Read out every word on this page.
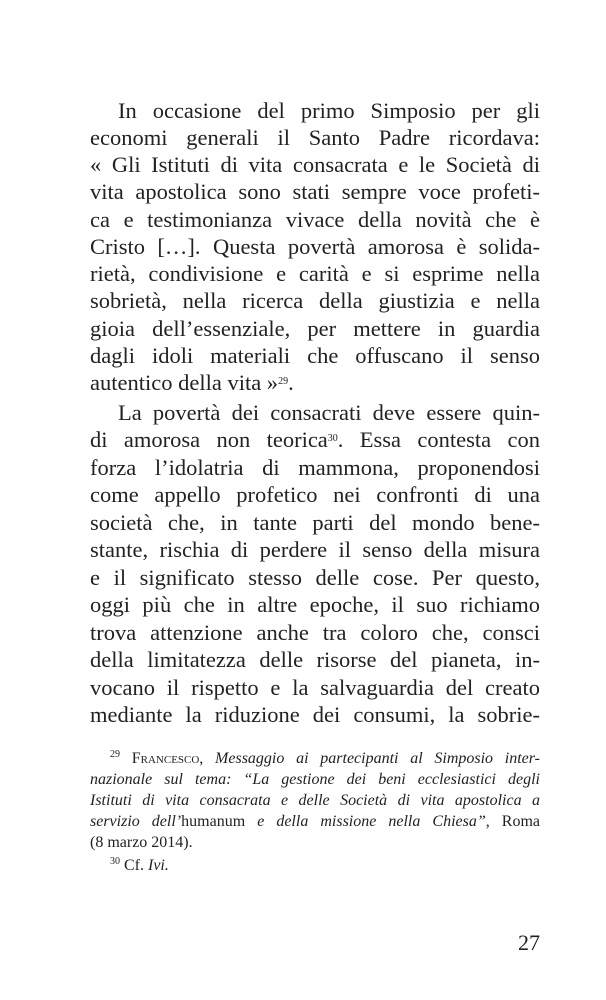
In occasione del primo Simposio per gli
economi generali il Santo Padre ricordava:
« Gli Istituti di vita consacrata e le Società di
vita apostolica sono stati sempre voce profeti-
ca e testimonianza vivace della novità che è
Cristo […]. Questa povertà amorosa è solida-
rietà, condivisione e carità e si esprime nella
sobrietà, nella ricerca della giustizia e nella
gioia dell’essenziale, per mettere in guardia
dagli idoli materiali che offuscano il senso
autentico della vita »$^{29}$.
La povertà dei consacrati deve essere quin-
di amorosa non teorica$^{30}$. Essa contesta con
forza l’idolatria di mammona, proponendosi
come appello profetico nei confronti di una
società che, in tante parti del mondo bene-
stante, rischia di perdere il senso della misura
e il significato stesso delle cose. Per questo,
oggi più che in altre epoche, il suo richiamo
trova attenzione anche tra coloro che, consci
della limitatezza delle risorse del pianeta, in-
vocano il rispetto e la salvaguardia del creato
mediante la riduzione dei consumi, la sobrie-
$^{29}$ Francesco, Messaggio ai partecipanti al Simposio inter-
nazionale sul tema: “La gestione dei beni ecclesiastici degli
Istituti di vita consacrata e delle Società di vita apostolica a
servizio dell’humanum e della missione nella Chiesa”, Roma
(8 marzo 2014).
$^{30}$ Cf. Ivi.
27
